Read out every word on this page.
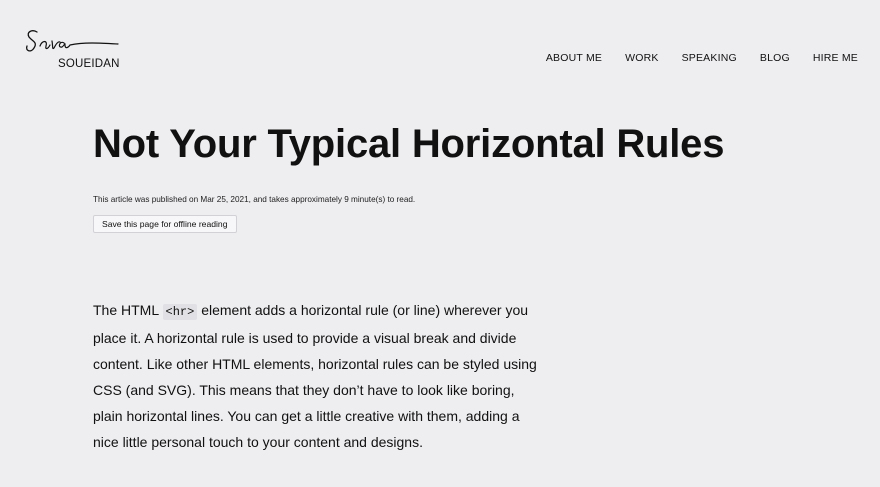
SOUEIDAN	ABOUT ME WORK SPEAKING BLOG HIRE ME
Not Your Typical Horizontal Rules
This article was published on Mar 25, 2021, and takes approximately 9 minute(s) to read.
Save this page for offline reading

The HTML <hr> element adds a horizontal rule (or line) wherever you place it. A horizontal rule is used to provide a visual break and divide content. Like other HTML elements, horizontal rules can be styled using CSS (and SVG). This means that they don’t have to look like boring, plain horizontal lines. You can get a little creative with them, adding a nice little personal touch to your content and designs.
